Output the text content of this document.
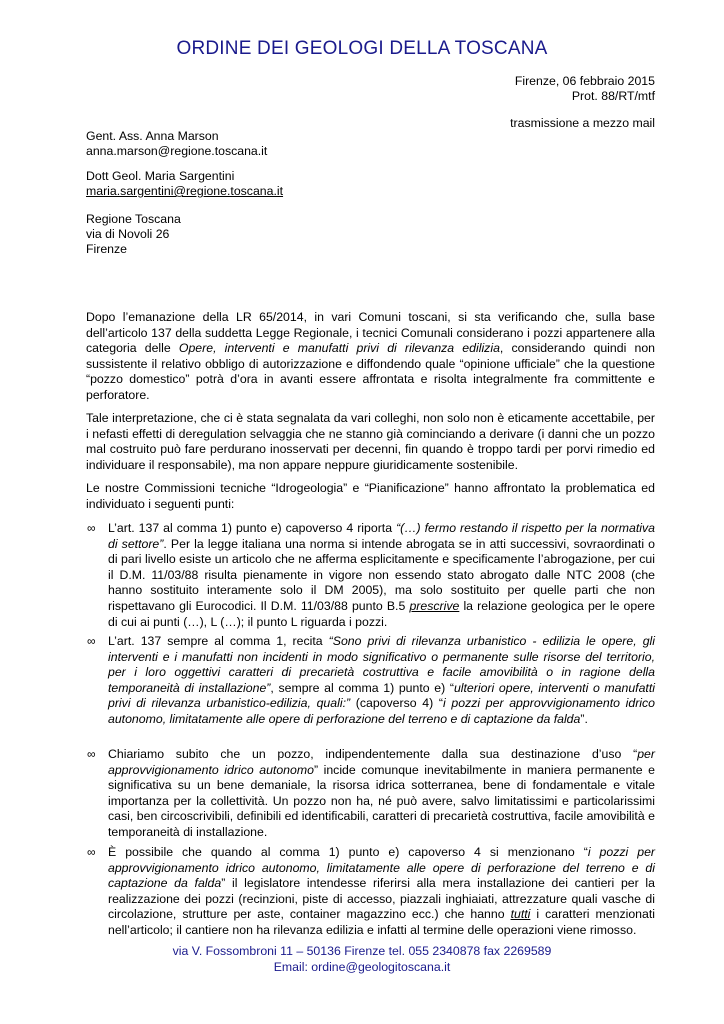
ORDINE DEI GEOLOGI DELLA TOSCANA
Firenze, 06 febbraio 2015
Prot. 88/RT/mtf
trasmissione a mezzo mail
Gent. Ass. Anna Marson
anna.marson@regione.toscana.it
Dott Geol. Maria Sargentini
maria.sargentini@regione.toscana.it
Regione Toscana
via di Novoli 26
Firenze
Dopo l’emanazione della LR 65/2014, in vari Comuni toscani, si sta verificando che, sulla base dell’articolo 137 della suddetta Legge Regionale, i tecnici Comunali considerano i pozzi appartenere alla categoria delle Opere, interventi e manufatti privi di rilevanza edilizia, considerando quindi non sussistente il relativo obbligo di autorizzazione e diffondendo quale “opinione ufficiale” che la questione “pozzo domestico” potrà d’ora in avanti essere affrontata e risolta integralmente fra committente e perforatore.
Tale interpretazione, che ci è stata segnalata da vari colleghi, non solo non è eticamente accettabile, per i nefasti effetti di deregulation selvaggia che ne stanno già cominciando a derivare (i danni che un pozzo mal costruito può fare perdurano inosservati per decenni, fin quando è troppo tardi per porvi rimedio ed individuare il responsabile), ma non appare neppure giuridicamente sostenibile.
Le nostre Commissioni tecniche “Idrogeologia” e “Pianificazione” hanno affrontato la problematica ed individuato i seguenti punti:
∞ L’art. 137 al comma 1) punto e) capoverso 4 riporta “(…) fermo restando il rispetto per la normativa di settore”. Per la legge italiana una norma si intende abrogata se in atti successivi, sovraordinati o di pari livello esiste un articolo che ne afferma esplicitamente e specificamente l’abrogazione, per cui il D.M. 11/03/88 risulta pienamente in vigore non essendo stato abrogato dalle NTC 2008 (che hanno sostituito interamente solo il DM 2005), ma solo sostituito per quelle parti che non rispettavano gli Eurocodici. Il D.M. 11/03/88 punto B.5 prescrive la relazione geologica per le opere di cui ai punti (…), L (…); il punto L riguarda i pozzi.
∞ L’art. 137 sempre al comma 1, recita “Sono privi di rilevanza urbanistico - edilizia le opere, gli interventi e i manufatti non incidenti in modo significativo o permanente sulle risorse del territorio, per i loro oggettivi caratteri di precarietà costruttiva e facile amovibilità o in ragione della temporaneità di installazione”, sempre al comma 1) punto e) “ulteriori opere, interventi o manufatti privi di rilevanza urbanistico-edilizia, quali:” (capoverso 4) “i pozzi per approvvigionamento idrico autonomo, limitatamente alle opere di perforazione del terreno e di captazione da falda”.
∞ Chiariamo subito che un pozzo, indipendentemente dalla sua destinazione d’uso “per approvvigionamento idrico autonomo” incide comunque inevitabilmente in maniera permanente e significativa su un bene demaniale, la risorsa idrica sotterranea, bene di fondamentale e vitale importanza per la collettività. Un pozzo non ha, né può avere, salvo limitatissimi e particolarissimi casi, ben circoscrivibili, definibili ed identificabili, caratteri di precarietà costruttiva, facile amovibilità e temporaneità di installazione.
∞ È possibile che quando al comma 1) punto e) capoverso 4 si menzionano “i pozzi per approvvigionamento idrico autonomo, limitatamente alle opere di perforazione del terreno e di captazione da falda” il legislatore intendesse riferirsi alla mera installazione dei cantieri per la realizzazione dei pozzi (recinzioni, piste di accesso, piazzali inghiaiati, attrezzature quali vasche di circolazione, strutture per aste, container magazzino ecc.) che hanno tutti i caratteri menzionati nell’articolo; il cantiere non ha rilevanza edilizia e infatti al termine delle operazioni viene rimosso.
via V. Fossombroni 11 – 50136 Firenze tel. 055 2340878 fax 2269589
Email: ordine@geologitoscana.it
